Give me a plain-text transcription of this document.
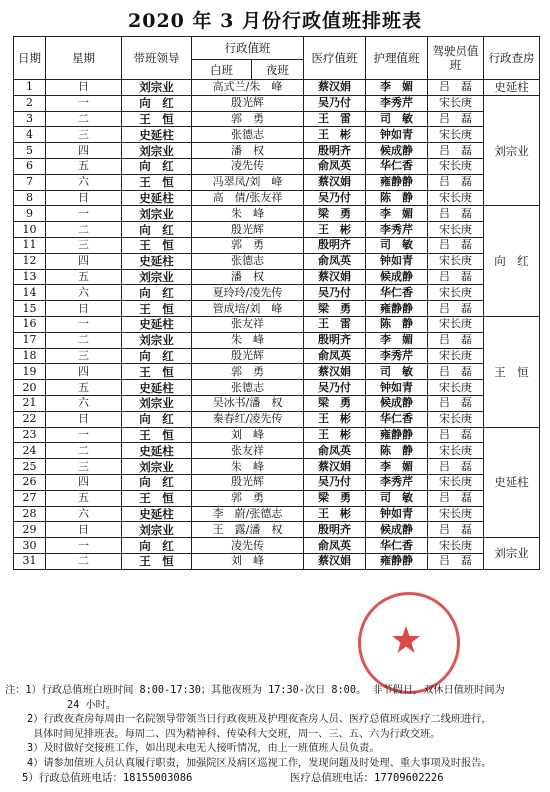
2020 年 3 月份行政值班排班表
日期	星期	带班领导	行政值班		医疗值班	护理值班	驾驶员值班	行政查房
			白班	夜班				
1	日	刘宗业	高式兰/朱　峰		蔡汉娟	李　媚	吕　磊	史延柱
2	一	向　红	殷光辉		吴乃付	李秀芹	宋长庚	刘宗业
3	二	王　恒	郭　勇		王　雷	司　敏	吕　磊	
4	三	史延柱	张德志		王　彬	钟如青	宋长庚	
5	四	刘宗业	潘　权		殷明齐	候成静	吕　磊	
6	五	向　红	凌先传		俞凤英	华仁香	宋长庚	
7	六	王　恒	冯翠凤/刘　峰		蔡汉娟	雍静静	吕　磊	
8	日	史延柱	高　倩/张友祥		吴乃付	陈　静	宋长庚	
9	一	刘宗业	朱　峰		梁　勇	李　媚	吕　磊	向　红
10	二	向　红	殷光辉		王　彬	李秀芹	宋长庚	
11	三	王　恒	郭　勇		殷明齐	司　敏	吕　磊	
12	四	史延柱	张德志		俞凤英	钟如青	宋长庚	
13	五	刘宗业	潘　权		蔡汉娟	候成静	吕　磊	
14	六	向　红	夏玲玲/凌先传		吴乃付	华仁香	宋长庚	
15	日	王　恒	管成培/刘　峰		梁　勇	雍静静	吕　磊	
16	一	史延柱	张友祥		王　雷	陈　静	宋长庚	王　恒
17	二	刘宗业	朱　峰		殷明齐	李　媚	吕　磊	
18	三	向　红	殷光辉		俞凤英	李秀芹	宋长庚	
19	四	王　恒	郭　勇		蔡汉娟	司　敏	吕　磊	
20	五	史延柱	张德志		吴乃付	钟如青	宋长庚	
21	六	刘宗业	吴冰书/潘　权		梁　勇	候成静	吕　磊	
22	日	向　红	秦春红/凌先传		王　彬	华仁香	宋长庚	
23	一	王　恒	刘　峰		王　彬	雍静静	吕　磊	史延柱
24	二	史延柱	张友祥		俞凤英	陈　静	宋长庚	
25	三	刘宗业	朱　峰		蔡汉娟	李　媚	吕　磊	
26	四	向　红	殷光辉		吴乃付	李秀芹	宋长庚	
27	五	王　恒	郭　勇		梁　勇	司　敏	吕　磊	
28	六	史延柱	李　蔚/张德志		王　彬	钟如青	宋长庚	
29	日	刘宗业	王　露/潘　权		殷明齐	候成静	吕　磊	
30	一	向　红	凌先传		俞凤英	华仁香	宋长庚	刘宗业
31	二	王　恒	刘　峰		蔡汉娟	雍静静	吕　磊	
注：1）行政总值班白班时间 8:00-17:30；其他夜班为 17:30-次日 8:00。 非节假日，双休日值班时间为
24 小时。
2）行政夜查房每周由一名院领导带领当日行政夜班及护理夜查房人员、医疗总值班或医疗二线班进行，
具体时间见排班表。每周二、四为精神科、传染科大交班，周一、三、五、六为行政交班。
3）及时做好交接班工作，如出现未电无人接听情况，由上一班值班人员负责。
4）请参加值班人员认真履行职责，加强院区及病区巡视工作，发现问题及时处理、重大事项及时报告。
5）行政总值班电话：18155003086	医疗总值班电话：17709602226
